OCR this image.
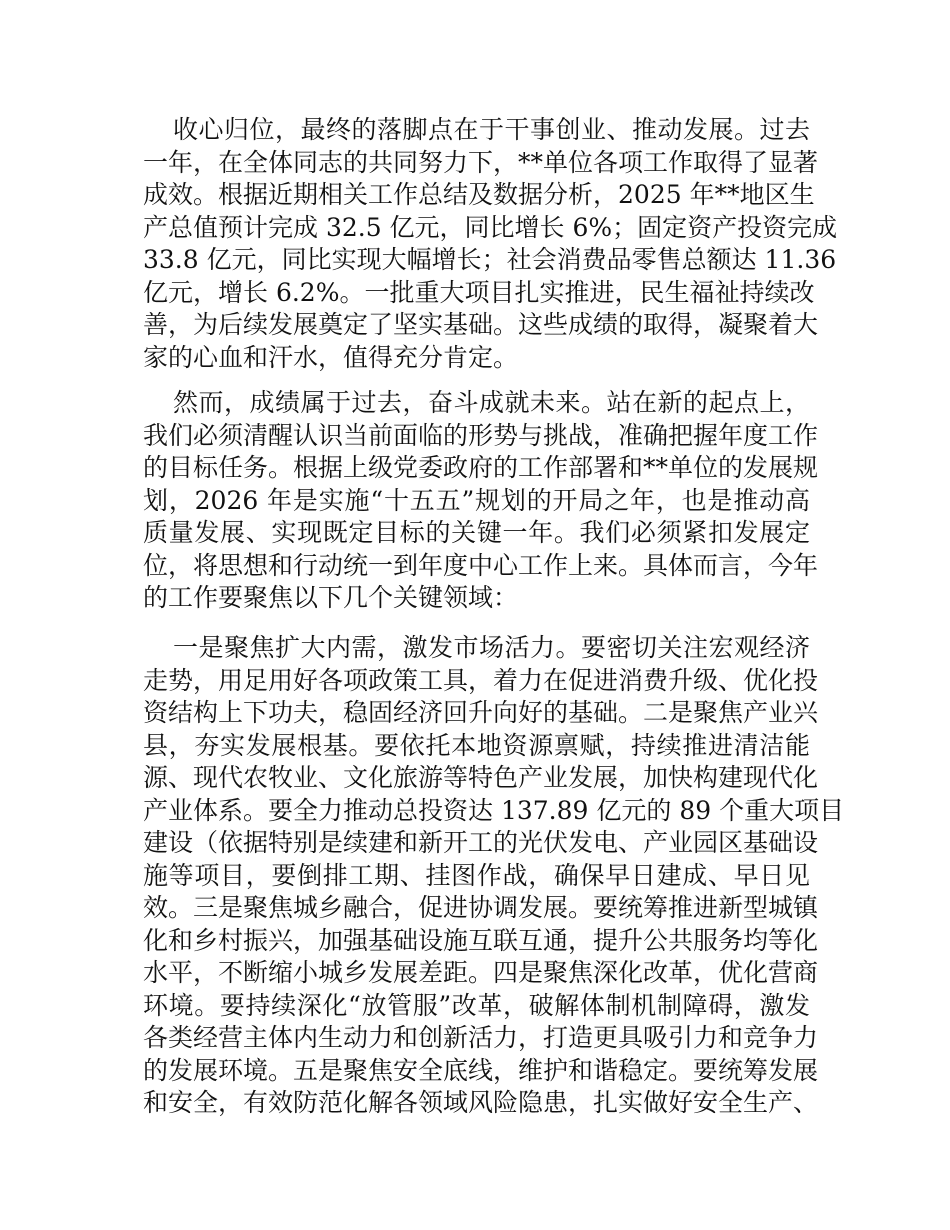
收心归位，最终的落脚点在于干事创业、推动发展。过去
一年，在全体同志的共同努力下，**单位各项工作取得了显著
成效。根据近期相关工作总结及数据分析，2025 年**地区生
产总值预计完成 32.5 亿元，同比增长 6%；固定资产投资完成
33.8 亿元，同比实现大幅增长；社会消费品零售总额达 11.36
亿元，增长 6.2%。一批重大项目扎实推进，民生福祉持续改
善，为后续发展奠定了坚实基础。这些成绩的取得，凝聚着大
家的心血和汗水，值得充分肯定。
然而，成绩属于过去，奋斗成就未来。站在新的起点上，
我们必须清醒认识当前面临的形势与挑战，准确把握年度工作
的目标任务。根据上级党委政府的工作部署和**单位的发展规
划，2026 年是实施“十五五”规划的开局之年，也是推动高
质量发展、实现既定目标的关键一年。我们必须紧扣发展定
位，将思想和行动统一到年度中心工作上来。具体而言，今年
的工作要聚焦以下几个关键领域：
一是聚焦扩大内需，激发市场活力。要密切关注宏观经济
走势，用足用好各项政策工具，着力在促进消费升级、优化投
资结构上下功夫，稳固经济回升向好的基础。二是聚焦产业兴
县，夯实发展根基。要依托本地资源禀赋，持续推进清洁能
源、现代农牧业、文化旅游等特色产业发展，加快构建现代化
产业体系。要全力推动总投资达 137.89 亿元的 89 个重大项目
建设（依据特别是续建和新开工的光伏发电、产业园区基础设
施等项目，要倒排工期、挂图作战，确保早日建成、早日见
效。三是聚焦城乡融合，促进协调发展。要统筹推进新型城镇
化和乡村振兴，加强基础设施互联互通，提升公共服务均等化
水平，不断缩小城乡发展差距。四是聚焦深化改革，优化营商
环境。要持续深化“放管服”改革，破解体制机制障碍，激发
各类经营主体内生动力和创新活力，打造更具吸引力和竞争力
的发展环境。五是聚焦安全底线，维护和谐稳定。要统筹发展
和安全，有效防范化解各领域风险隐患，扎实做好安全生产、
